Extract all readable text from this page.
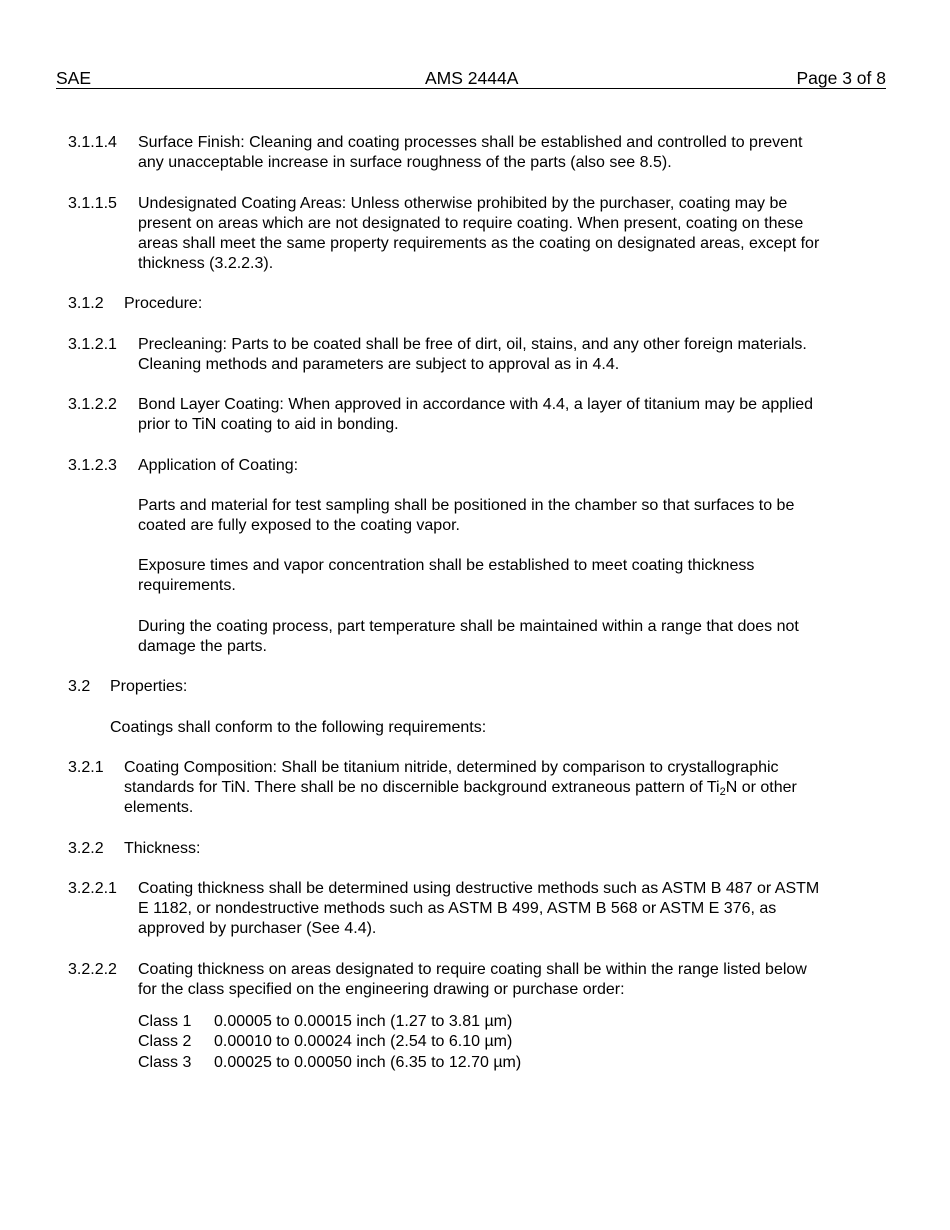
SAE	AMS 2444A	Page 3 of 8
3.1.1.4 Surface Finish: Cleaning and coating processes shall be established and controlled to prevent
any unacceptable increase in surface roughness of the parts (also see 8.5).
3.1.1.5 Undesignated Coating Areas: Unless otherwise prohibited by the purchaser, coating may be
present on areas which are not designated to require coating. When present, coating on these
areas shall meet the same property requirements as the coating on designated areas, except for
thickness (3.2.2.3).
3.1.2 Procedure:
3.1.2.1 Precleaning: Parts to be coated shall be free of dirt, oil, stains, and any other foreign materials.
Cleaning methods and parameters are subject to approval as in 4.4.
3.1.2.2 Bond Layer Coating: When approved in accordance with 4.4, a layer of titanium may be applied
prior to TiN coating to aid in bonding.
3.1.2.3 Application of Coating:
Parts and material for test sampling shall be positioned in the chamber so that surfaces to be
coated are fully exposed to the coating vapor.
Exposure times and vapor concentration shall be established to meet coating thickness
requirements.
During the coating process, part temperature shall be maintained within a range that does not
damage the parts.
3.2 Properties:
Coatings shall conform to the following requirements:
3.2.1 Coating Composition: Shall be titanium nitride, determined by comparison to crystallographic
standards for TiN. There shall be no discernible background extraneous pattern of $Ti_2N$ or other
elements.
3.2.2 Thickness:
3.2.2.1 Coating thickness shall be determined using destructive methods such as ASTM B 487 or ASTM
E 1182, or nondestructive methods such as ASTM B 499, ASTM B 568 or ASTM E 376, as
approved by purchaser (See 4.4).
3.2.2.2 Coating thickness on areas designated to require coating shall be within the range listed below
for the class specified on the engineering drawing or purchase order:
Class 1 0.00005 to 0.00015 inch (1.27 to 3.81 µm)
Class 2 0.00010 to 0.00024 inch (2.54 to 6.10 µm)
Class 3 0.00025 to 0.00050 inch (6.35 to 12.70 µm)
